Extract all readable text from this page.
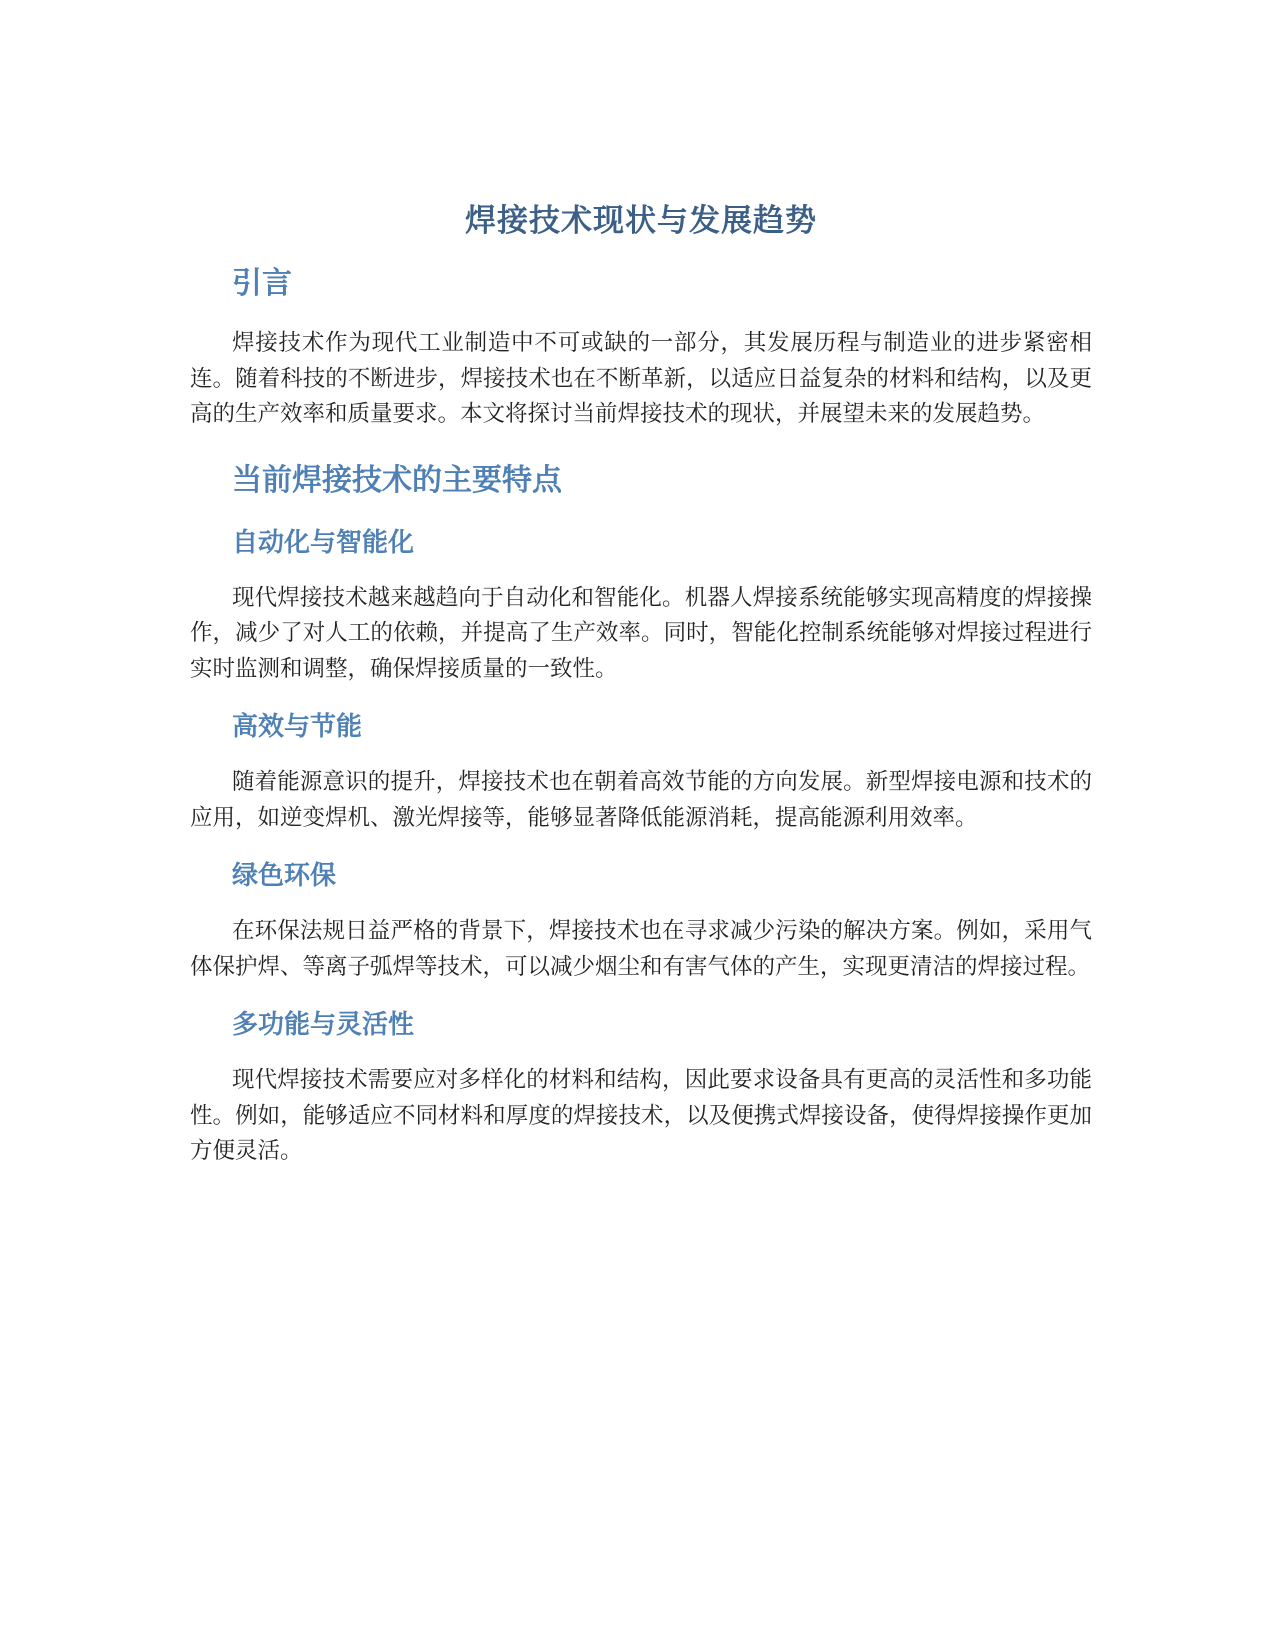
焊接技术现状与发展趋势
引言

焊接技术作为现代工业制造中不可或缺的一部分，其发展历程与制造业的进步紧密相连。随着科技的不断进步，焊接技术也在不断革新，以适应日益复杂的材料和结构，以及更高的生产效率和质量要求。本文将探讨当前焊接技术的现状，并展望未来的发展趋势。

当前焊接技术的主要特点
自动化与智能化

现代焊接技术越来越趋向于自动化和智能化。机器人焊接系统能够实现高精度的焊接操作，减少了对人工的依赖，并提高了生产效率。同时，智能化控制系统能够对焊接过程进行实时监测和调整，确保焊接质量的一致性。

高效与节能

随着能源意识的提升，焊接技术也在朝着高效节能的方向发展。新型焊接电源和技术的应用，如逆变焊机、激光焊接等，能够显著降低能源消耗，提高能源利用效率。

绿色环保

在环保法规日益严格的背景下，焊接技术也在寻求减少污染的解决方案。例如，采用气体保护焊、等离子弧焊等技术，可以减少烟尘和有害气体的产生，实现更清洁的焊接过程。

多功能与灵活性

现代焊接技术需要应对多样化的材料和结构，因此要求设备具有更高的灵活性和多功能性。例如，能够适应不同材料和厚度的焊接技术，以及便携式焊接设备，使得焊接操作更加方便灵活。
